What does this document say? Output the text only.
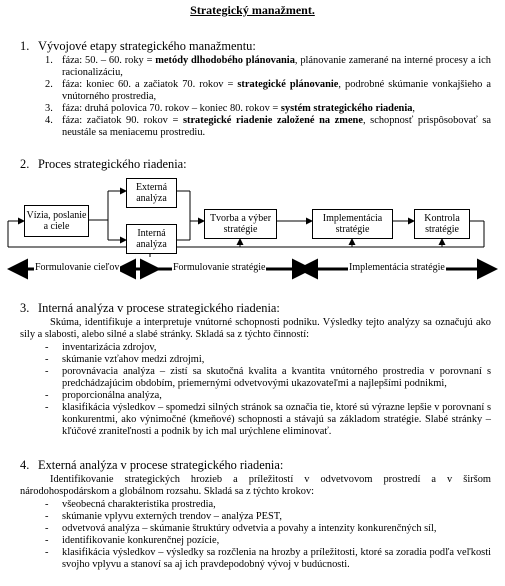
Strategický manažment.
1. Vývojové etapy strategického manažmentu:
1. fáza: 50. – 60. roky = metódy dlhodobého plánovania, plánovanie zamerané na interné procesy a ich racionalizáciu,
2. fáza: koniec 60. a začiatok 70. rokov = strategické plánovanie, podrobné skúmanie vonkajšieho a vnútorného prostredia,
3. fáza: druhá polovica 70. rokov – koniec 80. rokov = systém strategického riadenia,
4. fáza: začiatok 90. rokov = strategické riadenie založené na zmene, schopnosť prispôsobovať sa neustále sa meniacemu prostrediu.
2. Proces strategického riadenia:
Vízia, poslanie a ciele
Externá analýza
Interná analýza
Tvorba a výber stratégie
Implementácia stratégie
Kontrola stratégie
Formulovanie cieľov	Formulovanie stratégie	Implementácia stratégie
3. Interná analýza v procese strategického riadenia:
Skúma, identifikuje a interpretuje vnútorné schopnosti podniku. Výsledky tejto analýzy sa označujú ako sily a slabosti, alebo silné a slabé stránky. Skladá sa z týchto činností:
- inventarizácia zdrojov,
- skúmanie vzťahov medzi zdrojmi,
- porovnávacia analýza – zistí sa skutočná kvalita a kvantita vnútorného prostredia v porovnaní s predchádzajúcim obdobím, priemernými odvetvovými ukazovateľmi a najlepšími podnikmi,
- proporcionálna analýza,
- klasifikácia výsledkov – spomedzi silných stránok sa označia tie, ktoré sú výrazne lepšie v porovnaní s konkurentmi, ako výnimočné (kmeňové) schopnosti a stávajú sa základom stratégie. Slabé stránky – kľúčové zraniteľnosti a podnik by ich mal urýchlene eliminovať.
4. Externá analýza v procese strategického riadenia:
Identifikovanie strategických hrozieb a príležitostí v odvetvovom prostredí a v širšom národohospodárskom a globálnom rozsahu. Skladá sa z týchto krokov:
- všeobecná charakteristika prostredia,
- skúmanie vplyvu externých trendov – analýza PEST,
- odvetvová analýza – skúmanie štruktúry odvetvia a povahy a intenzity konkurenčných síl,
- identifikovanie konkurenčnej pozície,
- klasifikácia výsledkov – výsledky sa rozčlenia na hrozby a príležitosti, ktoré sa zoradia podľa veľkosti svojho vplyvu a stanoví sa aj ich pravdepodobný vývoj v budúcnosti.
